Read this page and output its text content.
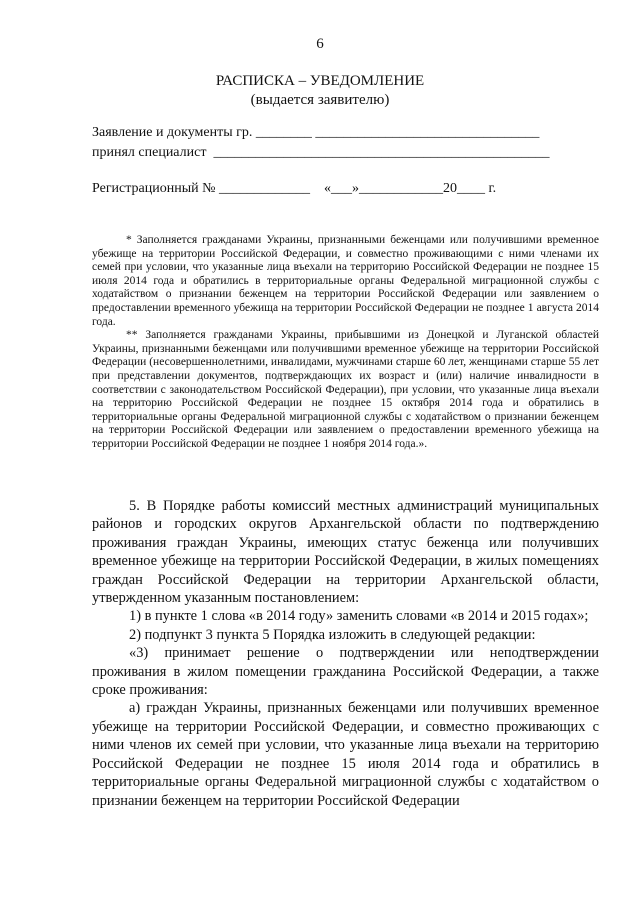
6
РАСПИСКА – УВЕДОМЛЕНИЕ
(выдается заявителю)
Заявление и документы гр. ________ ________________________________
принял специалист  ________________________________________________
Регистрационный № _____________    «___»____________20____ г.

* Заполняется гражданами Украины, признанными беженцами или получившими временное убежище на территории Российской Федерации, и совместно проживающими с ними членами их семей при условии, что указанные лица въехали на территорию Российской Федерации не позднее 15 июля 2014 года и обратились в территориальные органы Федеральной миграционной службы с ходатайством о признании беженцем на территории Российской Федерации или заявлением о предоставлении временного убежища на территории Российской Федерации не позднее 1 августа 2014 года.

** Заполняется гражданами Украины, прибывшими из Донецкой и Луганской областей Украины, признанными беженцами или получившими временное убежище на территории Российской Федерации (несовершеннолетними, инвалидами, мужчинами старше 60 лет, женщинами старше 55 лет при представлении документов, подтверждающих их возраст и (или) наличие инвалидности в соответствии с законодательством Российской Федерации), при условии, что указанные лица въехали на территорию Российской Федерации не позднее 15 октября 2014 года и обратились в территориальные органы Федеральной миграционной службы с ходатайством о признании беженцем на территории Российской Федерации или заявлением о предоставлении временного убежища на территории Российской Федерации не позднее 1 ноября 2014 года.».

5. В Порядке работы комиссий местных администраций муниципальных районов и городских округов Архангельской области по подтверждению проживания граждан Украины, имеющих статус беженца или получивших временное убежище на территории Российской Федерации, в жилых помещениях граждан Российской Федерации на территории Архангельской области, утвержденном указанным постановлением:

1) в пункте 1 слова «в 2014 году» заменить словами «в 2014 и 2015 годах»;

2) подпункт 3 пункта 5 Порядка изложить в следующей редакции:

«3) принимает решение о подтверждении или неподтверждении проживания в жилом помещении гражданина Российской Федерации, а также сроке проживания:

а) граждан Украины, признанных беженцами или получивших временное убежище на территории Российской Федерации, и совместно проживающих с ними членов их семей при условии, что указанные лица въехали на территорию Российской Федерации не позднее 15 июля 2014 года и обратились в территориальные органы Федеральной миграционной службы с ходатайством о признании беженцем на территории Российской Федерации
